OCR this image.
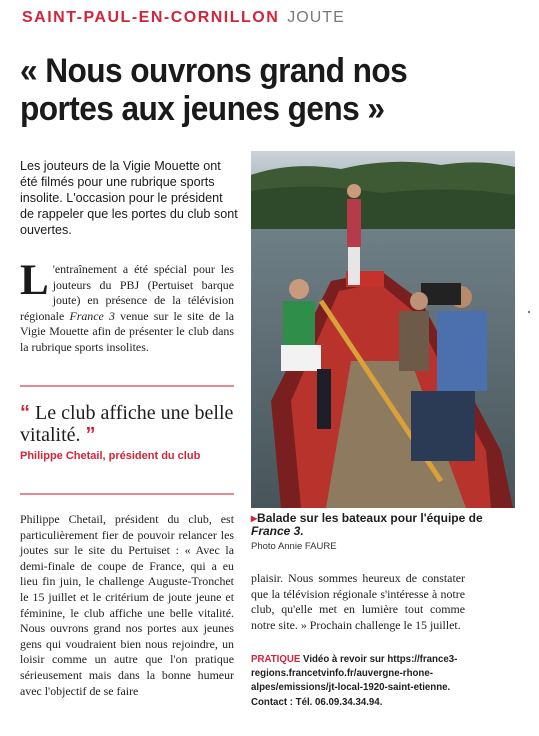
SAINT-PAUL-EN-CORNILLON JOUTE
« Nous ouvrons grand nos
portes aux jeunes gens »
Les jouteurs de la Vigie Mouette ont été filmés pour une rubrique sports insolite. L'occasion pour le président de rappeler que les portes du club sont ouvertes.
L 'entraînement a été spécial pour les jouteurs du PBJ (Pertuiset barque joute) en présence de la télévision régionale France 3 venue sur le site de la Vigie Mouette afin de présenter le club dans la rubrique sports insolites.
“ Le club affiche une belle vitalité. ”
Philippe Chetail, président du club
Philippe Chetail, président du club, est particulièrement fier de pouvoir relancer les joutes sur le site du Pertuiset : « Avec la demi-finale de coupe de France, qui a eu lieu fin juin, le challenge Auguste-Tronchet le 15 juillet et le critérium de joute jeune et féminine, le club affiche une belle vitalité. Nous ouvrons grand nos portes aux jeunes gens qui voudraient bien nous rejoindre, un loisir comme un autre que l'on pratique sérieusement mais dans la bonne humeur avec l'objectif de se faire
▸Balade sur les bateaux pour l'équipe de France 3.
Photo Annie FAURE
plaisir. Nous sommes heureux de constater que la télévision régionale s'intéresse à notre club, qu'elle met en lumière tout comme notre site. » Prochain challenge le 15 juillet.
PRATIQUE Vidéo à revoir sur https://france3-regions.francetvinfo.fr/auvergne-rhone-alpes/emissions/jt-local-1920-saint-etienne. Contact : Tél. 06.09.34.34.94.
